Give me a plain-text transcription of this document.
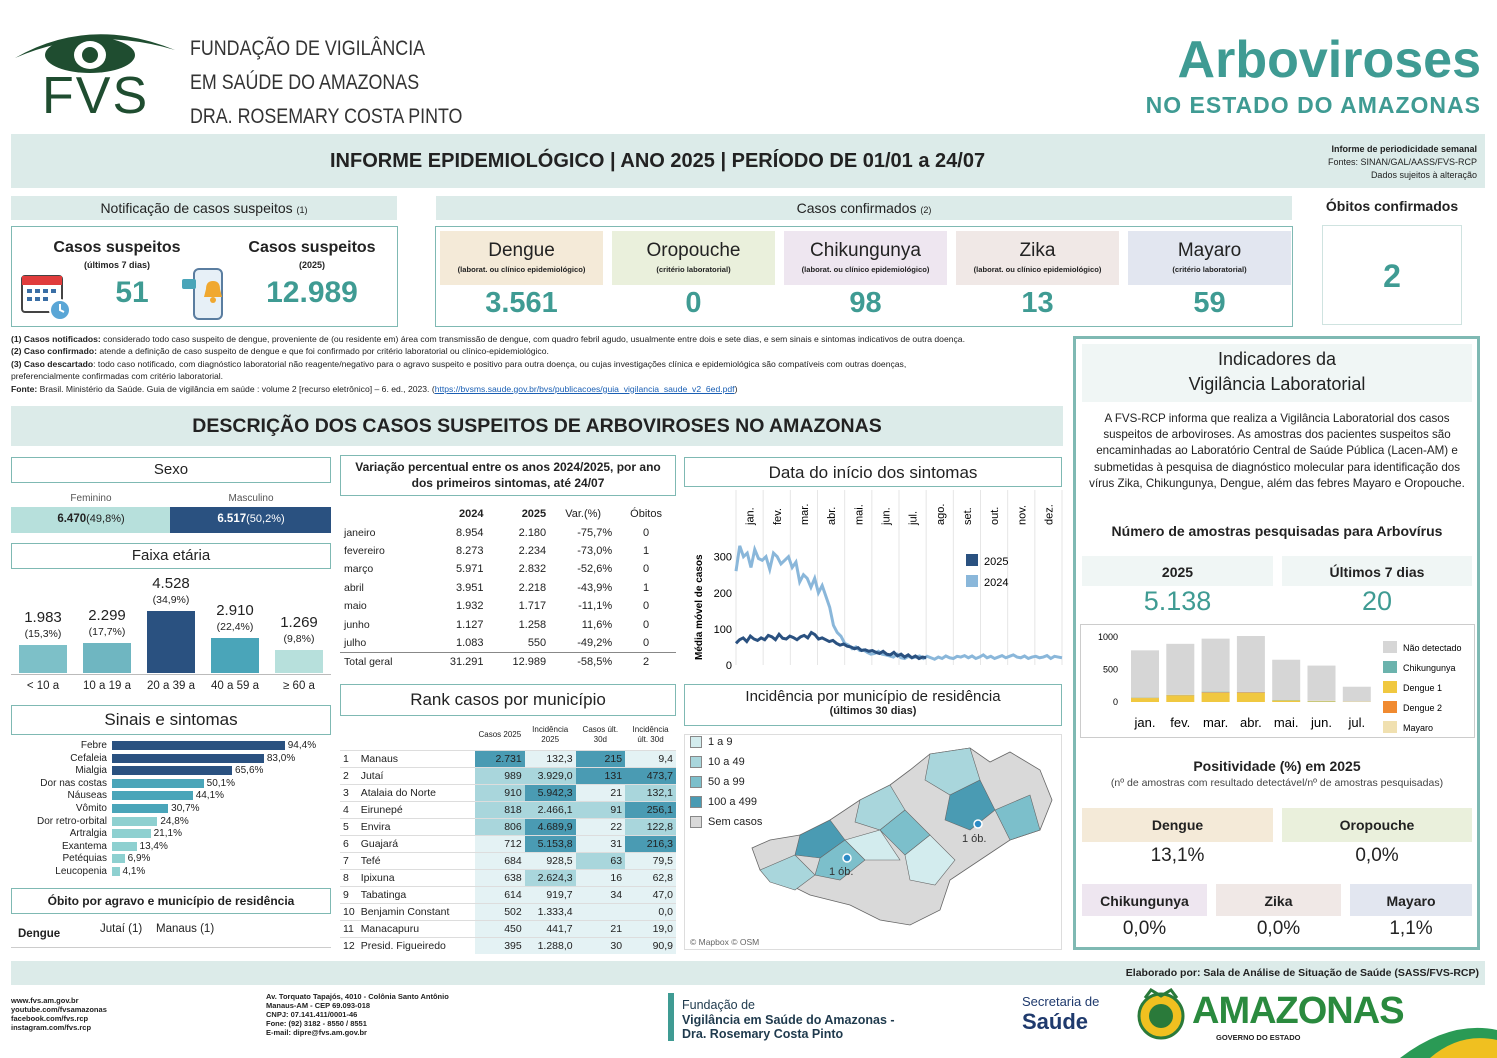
FVS
FUNDAÇÃO DE VIGILÂNCIA
EM SAÚDE DO AMAZONAS
DRA. ROSEMARY COSTA PINTO
Arboviroses
NO ESTADO DO AMAZONAS
INFORME EPIDEMIOLÓGICO | ANO 2025 | PERÍODO DE 01/01 a 24/07
Informe de periodicidade semanal
Fontes: SINAN/GAL/AASS/FVS-RCP
Dados sujeitos à alteração
Notificação de casos suspeitos (1)
Casos suspeitos
(últimos 7 dias)
51
Casos suspeitos
(2025)
12.989
Casos confirmados (2)
Dengue
(laborat. ou clínico epidemiológico)
3.561
Oropouche
(critério laboratorial)
0
Chikungunya
(laborat. ou clínico epidemiológico)
98
Zika
(laborat. ou clínico epidemiológico)
13
Mayaro
(critério laboratorial)
59
Óbitos confirmados
2
(1) Casos notificados: considerado todo caso suspeito de dengue, proveniente de (ou residente em) área com transmissão de dengue, com quadro febril agudo, usualmente entre dois e sete dias, e sem sinais e sintomas indicativos de outra doença.
(2) Caso confirmado: atende a definição de caso suspeito de dengue e que foi confirmado por critério laboratorial ou clínico-epidemiológico.
(3) Caso descartado: todo caso notificado, com diagnóstico laboratorial não reagente/negativo para o agravo suspeito e positivo para outra doença, ou cujas investigações clínica e epidemiológica são compatíveis com outras doenças,
preferencialmente confirmadas com critério laboratorial.
Fonte: Brasil. Ministério da Saúde. Guia de vigilância em saúde : volume 2 [recurso eletrônico] – 6. ed., 2023. (https://bvsms.saude.gov.br/bvs/publicacoes/guia_vigilancia_saude_v2_6ed.pdf)
DESCRIÇÃO DOS CASOS SUSPEITOS DE ARBOVIROSES NO AMAZONAS
Sexo
Feminino	Masculino
6.470(49,8%)	6.517(50,2%)
Faixa etária
1.983
(15,3%)
< 10 a
2.299
(17,7%)
10 a 19 a
4.528
(34,9%)
20 a 39 a
2.910
(22,4%)
40 a 59 a
1.269
(9,8%)
≥ 60 a
Sinais e sintomas
Febre	94,4%
Cefaleia	83,0%
Mialgia	65,6%
Dor nas costas	50,1%
Náuseas	44,1%
Vômito	30,7%
Dor retro-orbital	24,8%
Artralgia	21,1%
Exantema	13,4%
Petéquias 6,9%
Leucopenia 4,1%
Óbito por agravo e município de residência
Dengue	Jutaí (1) Manaus (1)
Variação percentual entre os anos 2024/2025, por ano dos primeiros sintomas, até 24/07
	2024	2025	Var.(%)	Óbitos
janeiro	8.954	2.180	-75,7%	0
fevereiro	8.273	2.234	-73,0%	1
março	5.971	2.832	-52,6%	0
abril	3.951	2.218	-43,9%	1
maio	1.932	1.717	-11,1%	0
junho	1.127	1.258	11,6%	0
julho	1.083	550	-49,2%	0
Total geral	31.291	12.989	-58,5%	2
Rank casos por município
		Casos 2025	Incidência 2025	Casos últ. 30d	Incidência últ. 30d
1	Manaus	2.731	132,3	215	9,4
2	Jutaí	989	3.929,0	131	473,7
3	Atalaia do Norte	910	5.942,3	21	132,1
4	Eirunepé	818	2.466,1	91	256,1
5	Envira	806	4.689,9	22	122,8
6	Guajará	712	5.153,8	31	216,3
7	Tefé	684	928,5	63	79,5
8	Ipixuna	638	2.624,3	16	62,8
9	Tabatinga	614	919,7	34	47,0
10	Benjamin Constant	502	1.333,4		0,0
11	Manacapuru	450	441,7	21	19,0
12	Presid. Figueiredo	395	1.288,0	30	90,9
Data do início dos sintomas
jan. fev. mar. abr. mai. jun. jul. ago. set. out. nov. dez.
300
200
100
0
Média móvel de casos	2025
2024
Incidência por município de residência
(últimos 30 dias)
1 a 9
10 a 49
50 a 99
100 a 499
Sem casos
1 ób.
1 ób.
© Mapbox © OSM
Indicadores da
Vigilância Laboratorial
A FVS-RCP informa que realiza a Vigilância Laboratorial dos casos suspeitos de arboviroses. As amostras dos pacientes suspeitos são encaminhadas ao Laboratório Central de Saúde Pública (Lacen-AM) e submetidas à pesquisa de diagnóstico molecular para identificação dos vírus Zika, Chikungunya, Dengue, além das febres Mayaro e Oropouche.
Número de amostras pesquisadas para Arbovírus
2025	Últimos 7 dias
5.138	20
1000
500
0
jan. fev. mar. abr. mai. jun. jul.
Não detectado
Chikungunya
Dengue 1
Dengue 2
Mayaro
Positividade (%) em 2025
(nº de amostras com resultado detectável/nº de amostras pesquisadas)
Dengue
13,1%
Oropouche
0,0%
Chikungunya
0,0%
Zika
0,0%
Mayaro
1,1%
Elaborado por: Sala de Análise de Situação de Saúde (SASS/FVS-RCP)
www.fvs.am.gov.br
youtube.com/fvsamazonas
facebook.com/fvs.rcp
instagram.com/fvs.rcp
Av. Torquato Tapajós, 4010 - Colônia Santo Antônio
Manaus-AM - CEP 69.093-018
CNPJ: 07.141.411/0001-46
Fone: (92) 3182 - 8550 / 8551
E-mail: dipre@fvs.am.gov.br
Fundação de
Vigilância em Saúde do Amazonas -
Dra. Rosemary Costa Pinto
Secretaria de
Saúde	AMAZONAS
GOVERNO DO ESTADO
